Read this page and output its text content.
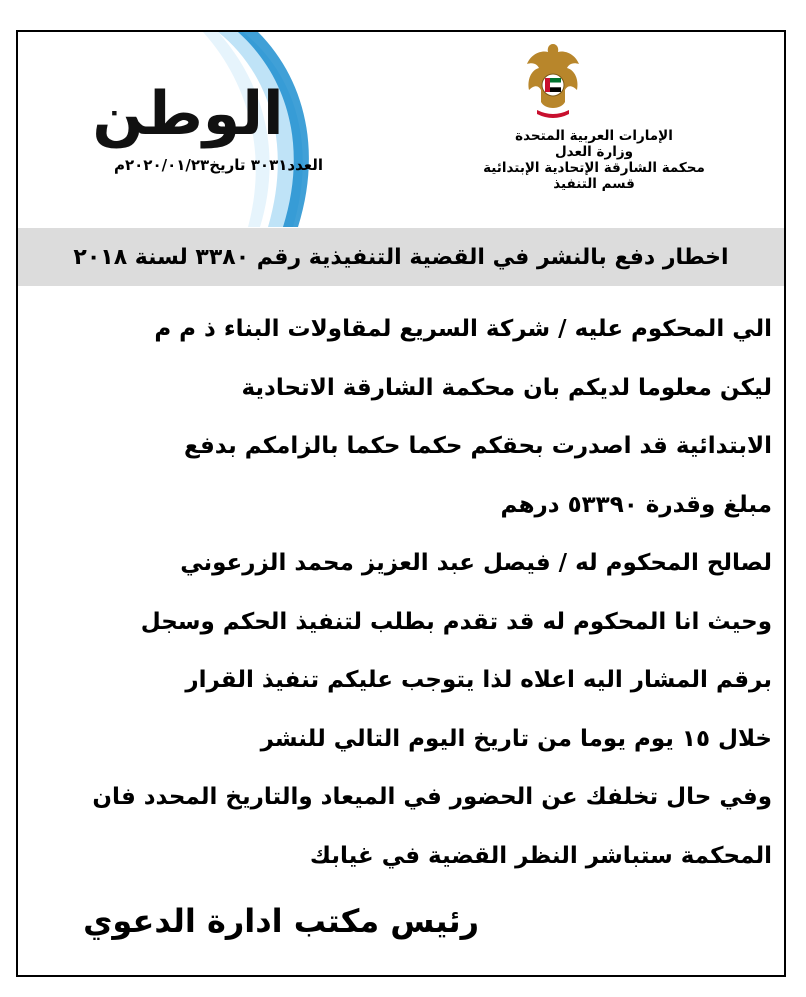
الوطن
العدد٣٠٣١ تاريخ٢٠٢٠/٠١/٢٣م
الإمارات العربية المتحدة
وزارة العدل
محكمة الشارقة الإتحادية الإبتدائية
قسم التنفيذ
اخطار دفع بالنشر في القضية التنفيذية رقم ٣٣٨٠ لسنة ٢٠١٨
الي المحكوم عليه / شركة السريع لمقاولات البناء ذ م م
ليكن معلوما لديكم بان محكمة الشارقة الاتحادية
الابتدائية قد اصدرت بحقكم حكما حكما بالزامكم بدفع
مبلغ وقدرة ٥٣٣٩٠ درهم
لصالح المحكوم له / فيصل عبد العزيز محمد الزرعوني
وحيث انا المحكوم له قد تقدم بطلب لتنفيذ الحكم وسجل
برقم المشار اليه اعلاه لذا يتوجب عليكم تنفيذ القرار
خلال ١٥ يوم يوما من تاريخ اليوم التالي للنشر
وفي حال تخلفك عن الحضور في الميعاد والتاريخ المحدد فان
المحكمة ستباشر النظر القضية في غيابك
رئيس مكتب ادارة الدعوي
